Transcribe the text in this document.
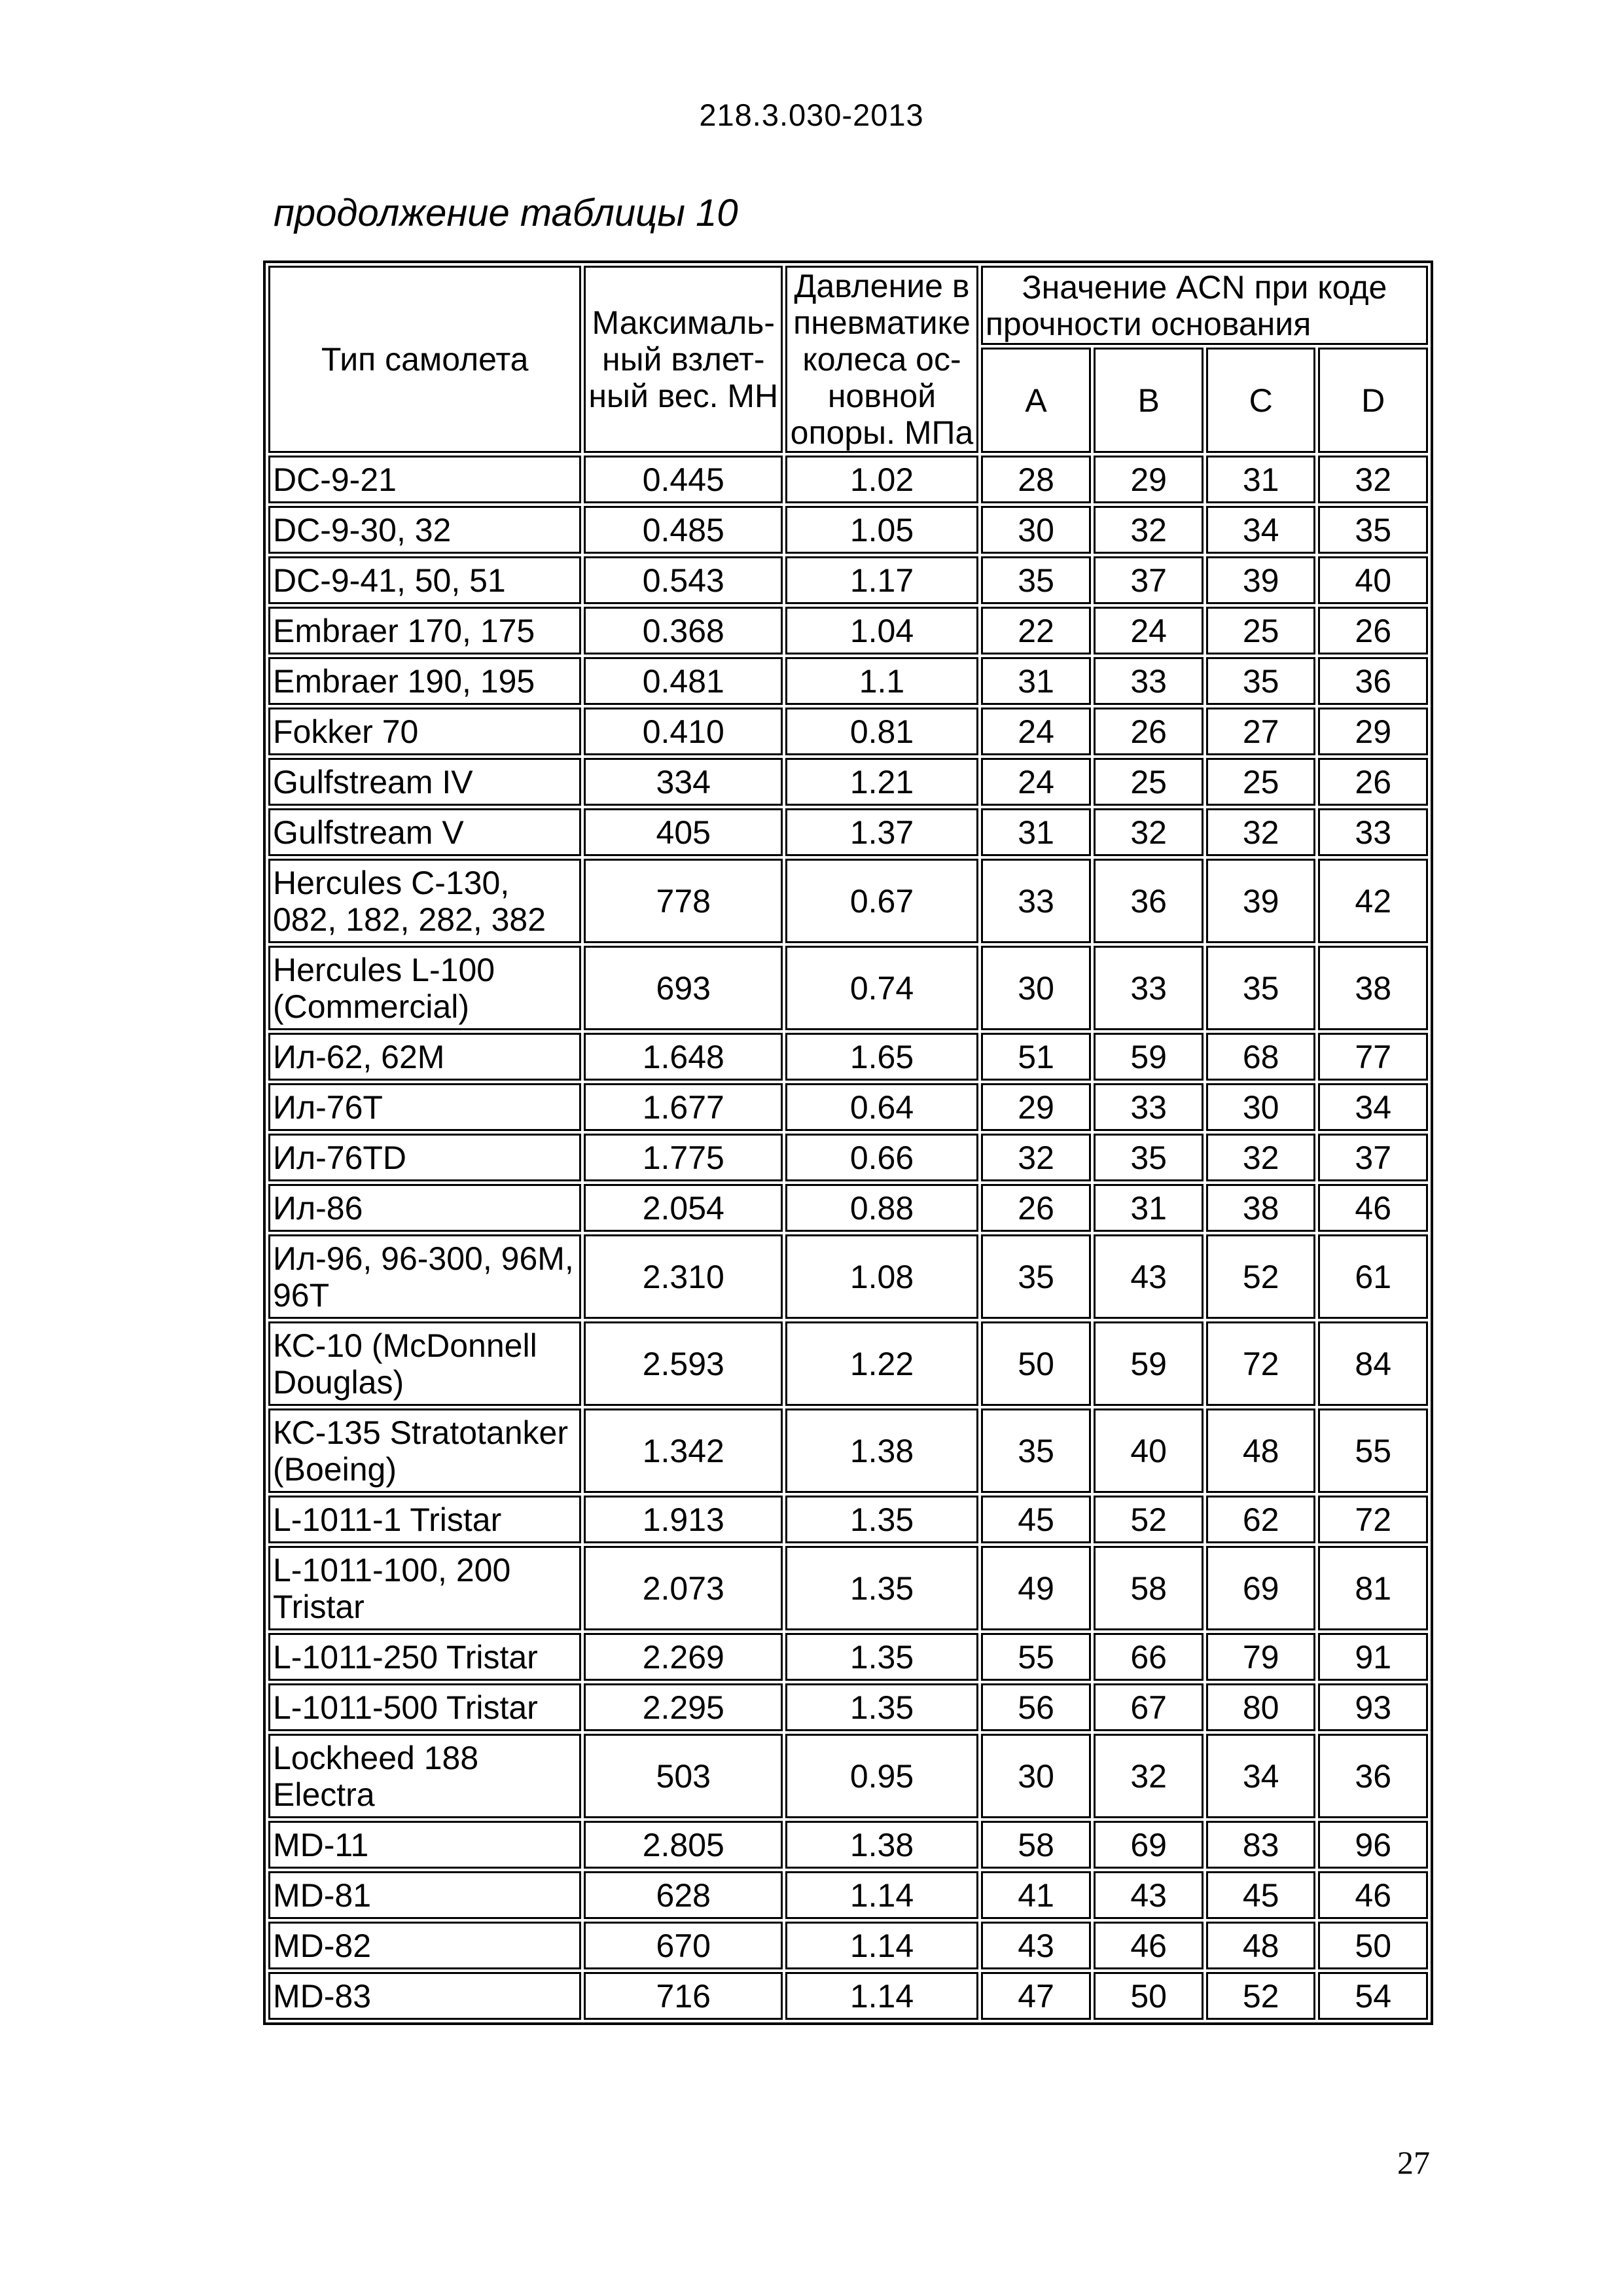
218.3.030-2013
продолжение таблицы 10
Тип самолета	Максималь-ный взлет-ный вес. МН	Давление в пневматике колеса ос-новной опоры. МПа	Значение ACN при коде прочности основания			
			A	B	C	D
DC-9-21	0.445	1.02	28	29	31	32
DC-9-30, 32	0.485	1.05	30	32	34	35
DC-9-41, 50, 51	0.543	1.17	35	37	39	40
Embraer 170, 175	0.368	1.04	22	24	25	26
Embraer 190, 195	0.481	1.1	31	33	35	36
Fokker 70	0.410	0.81	24	26	27	29
Gulfstream IV	334	1.21	24	25	25	26
Gulfstream V	405	1.37	31	32	32	33
Hercules C-130, 082, 182, 282, 382	778	0.67	33	36	39	42
Hercules L-100 (Commercial)	693	0.74	30	33	35	38
Ил-62, 62М	1.648	1.65	51	59	68	77
Ил-76Т	1.677	0.64	29	33	30	34
Ил-76TD	1.775	0.66	32	35	32	37
Ил-86	2.054	0.88	26	31	38	46
Ил-96, 96-300, 96М, 96Т	2.310	1.08	35	43	52	61
КС-10 (McDonnell Douglas)	2.593	1.22	50	59	72	84
КС-135 Stratotanker (Boeing)	1.342	1.38	35	40	48	55
L-1011-1 Tristar	1.913	1.35	45	52	62	72
L-1011-100, 200 Tristar	2.073	1.35	49	58	69	81
L-1011-250 Tristar	2.269	1.35	55	66	79	91
L-1011-500 Tristar	2.295	1.35	56	67	80	93
Lockheed 188 Electra	503	0.95	30	32	34	36
MD-11	2.805	1.38	58	69	83	96
MD-81	628	1.14	41	43	45	46
MD-82	670	1.14	43	46	48	50
MD-83	716	1.14	47	50	52	54
27
